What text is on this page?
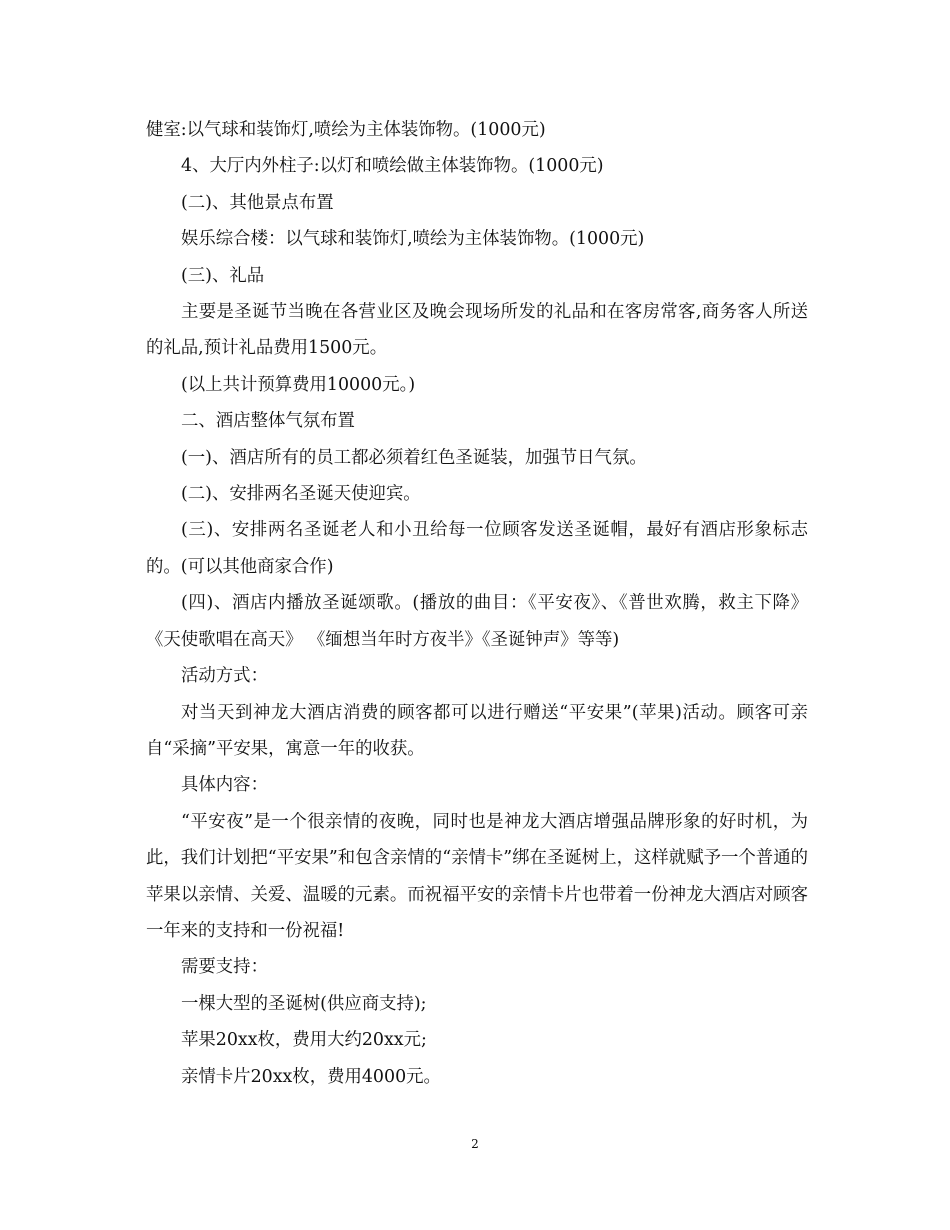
健室:以气球和装饰灯,喷绘为主体装饰物。(1000元)

4、大厅内外柱子:以灯和喷绘做主体装饰物。(1000元)

(二)、其他景点布置

娱乐综合楼：以气球和装饰灯,喷绘为主体装饰物。(1000元)

(三)、礼品

主要是圣诞节当晚在各营业区及晚会现场所发的礼品和在客房常客,商务客人所送的礼品,预计礼品费用1500元。

(以上共计预算费用10000元。)

二、酒店整体气氛布置

(一)、酒店所有的员工都必须着红色圣诞装，加强节日气氛。

(二)、安排两名圣诞天使迎宾。

(三)、安排两名圣诞老人和小丑给每一位顾客发送圣诞帽，最好有酒店形象标志的。(可以其他商家合作)

(四)、酒店内播放圣诞颂歌。(播放的曲目：《平安夜》、《普世欢腾，救主下降》 《天使歌唱在高天》 《缅想当年时方夜半》《圣诞钟声》等等)

活动方式：

对当天到神龙大酒店消费的顾客都可以进行赠送“平安果”(苹果)活动。顾客可亲自“采摘”平安果，寓意一年的收获。

具体内容：

“平安夜”是一个很亲情的夜晚，同时也是神龙大酒店增强品牌形象的好时机，为此，我们计划把“平安果”和包含亲情的“亲情卡”绑在圣诞树上，这样就赋予一个普通的苹果以亲情、关爱、温暖的元素。而祝福平安的亲情卡片也带着一份神龙大酒店对顾客一年来的支持和一份祝福!

需要支持：

一棵大型的圣诞树(供应商支持);

苹果20xx枚，费用大约20xx元;

亲情卡片20xx枚，费用4000元。

2
